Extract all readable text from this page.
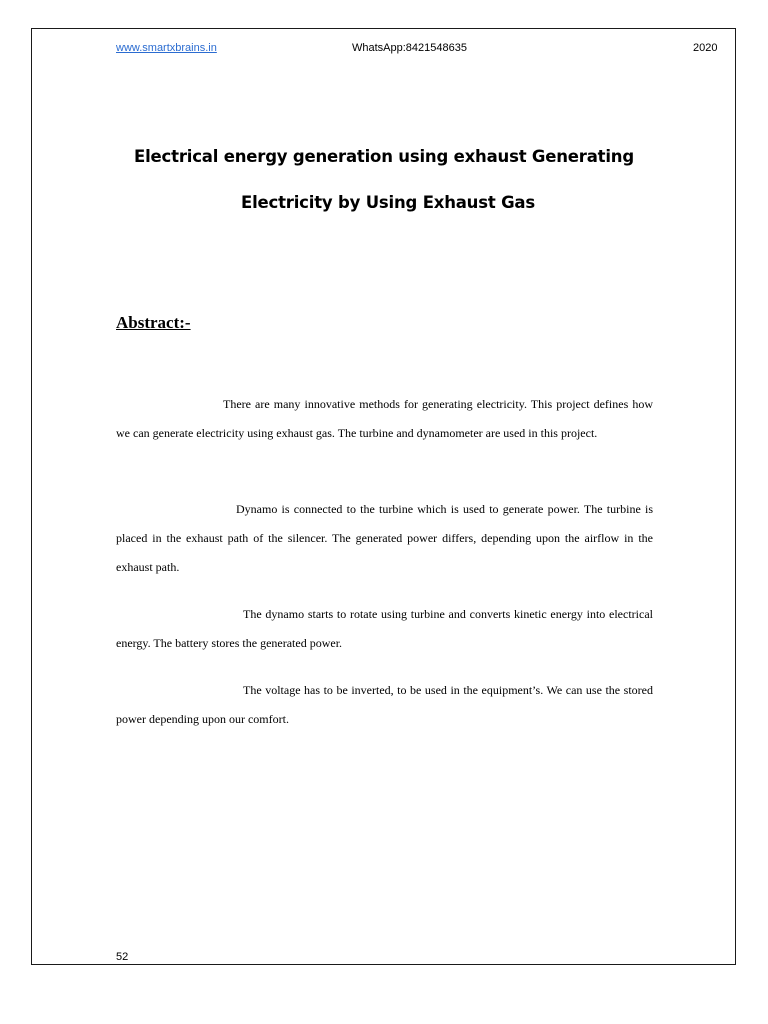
www.smartxbrains.in	WhatsApp:8421548635	2020
Electrical energy generation using exhaust Generating
Electricity by Using Exhaust Gas
Abstract:-

There are many innovative methods for generating electricity. This project defines how we can generate electricity using exhaust gas. The turbine and dynamometer are used in this project.

Dynamo is connected to the turbine which is used to generate power. The turbine is placed in the exhaust path of the silencer. The generated power differs, depending upon the airflow in the exhaust path.

The dynamo starts to rotate using turbine and converts kinetic energy into electrical energy. The battery stores the generated power.

The voltage has to be inverted, to be used in the equipment’s. We can use the stored power depending upon our comfort.

52
